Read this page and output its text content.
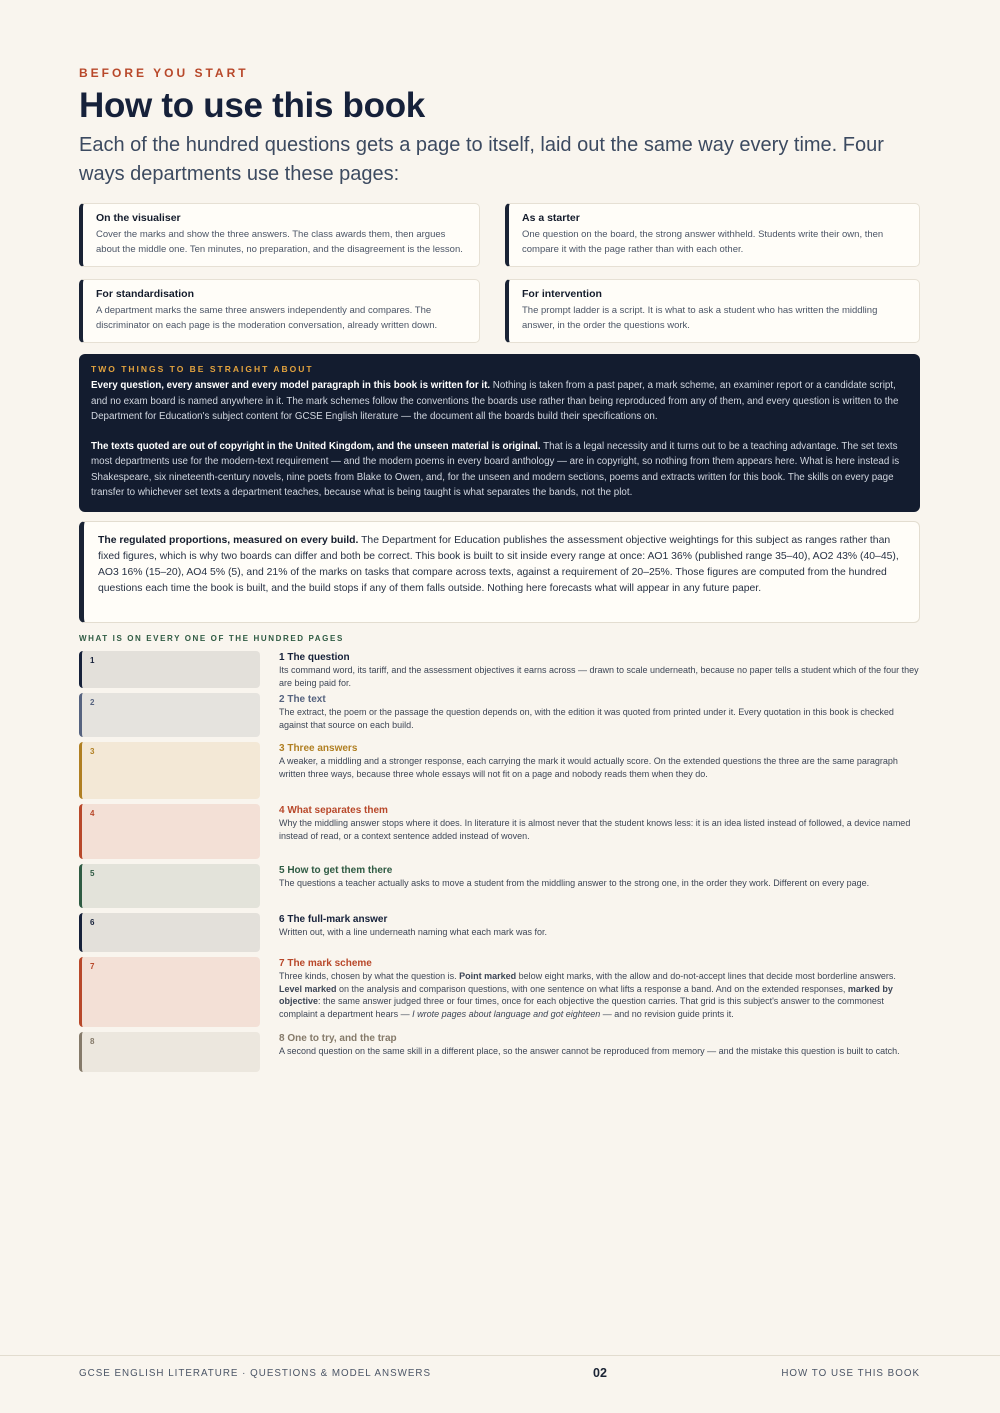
BEFORE YOU START
How to use this book

Each of the hundred questions gets a page to itself, laid out the same way every time. Four ways departments use these pages:

On the visualiser

Cover the marks and show the three answers. The class awards them, then argues about the middle one. Ten minutes, no preparation, and the disagreement is the lesson.

As a starter

One question on the board, the strong answer withheld. Students write their own, then compare it with the page rather than with each other.

For standardisation

A department marks the same three answers independently and compares. The discriminator on each page is the moderation conversation, already written down.

For intervention

The prompt ladder is a script. It is what to ask a student who has written the middling answer, in the order the questions work.

TWO THINGS TO BE STRAIGHT ABOUT

Every question, every answer and every model paragraph in this book is written for it. Nothing is taken from a past paper, a mark scheme, an examiner report or a candidate script, and no exam board is named anywhere in it. The mark schemes follow the conventions the boards use rather than being reproduced from any of them, and every question is written to the Department for Education's subject content for GCSE English literature — the document all the boards build their specifications on.

The texts quoted are out of copyright in the United Kingdom, and the unseen material is original. That is a legal necessity and it turns out to be a teaching advantage. The set texts most departments use for the modern-text requirement — and the modern poems in every board anthology — are in copyright, so nothing from them appears here. What is here instead is Shakespeare, six nineteenth-century novels, nine poets from Blake to Owen, and, for the unseen and modern sections, poems and extracts written for this book. The skills on every page transfer to whichever set texts a department teaches, because what is being taught is what separates the bands, not the plot.

The regulated proportions, measured on every build. The Department for Education publishes the assessment objective weightings for this subject as ranges rather than fixed figures, which is why two boards can differ and both be correct. This book is built to sit inside every range at once: AO1 36% (published range 35–40), AO2 43% (40–45), AO3 16% (15–20), AO4 5% (5), and 21% of the marks on tasks that compare across texts, against a requirement of 20–25%. Those figures are computed from the hundred questions each time the book is built, and the build stops if any of them falls outside. Nothing here forecasts what will appear in any future paper.

WHAT IS ON EVERY ONE OF THE HUNDRED PAGES
1
2
3
4
5
6
7
8
1 The question
Its command word, its tariff, and the assessment objectives it earns across — drawn to scale underneath, because no paper tells a student which of the four they are being paid for.
2 The text
The extract, the poem or the passage the question depends on, with the edition it was quoted from printed under it. Every quotation in this book is checked against that source on each build.
3 Three answers
A weaker, a middling and a stronger response, each carrying the mark it would actually score. On the extended questions the three are the same paragraph written three ways, because three whole essays will not fit on a page and nobody reads them when they do.
4 What separates them
Why the middling answer stops where it does. In literature it is almost never that the student knows less: it is an idea listed instead of followed, a device named instead of read, or a context sentence added instead of woven.
5 How to get them there
The questions a teacher actually asks to move a student from the middling answer to the strong one, in the order they work. Different on every page.
6 The full-mark answer
Written out, with a line underneath naming what each mark was for.
7 The mark scheme
Three kinds, chosen by what the question is. Point marked below eight marks, with the allow and do-not-accept lines that decide most borderline answers. Level marked on the analysis and comparison questions, with one sentence on what lifts a response a band. And on the extended responses, marked by objective: the same answer judged three or four times, once for each objective the question carries. That grid is this subject's answer to the commonest complaint a department hears — I wrote pages about language and got eighteen — and no revision guide prints it.
8 One to try, and the trap
A second question on the same skill in a different place, so the answer cannot be reproduced from memory — and the mistake this question is built to catch.
GCSE ENGLISH LITERATURE · QUESTIONS & MODEL ANSWERS	02	HOW TO USE THIS BOOK
